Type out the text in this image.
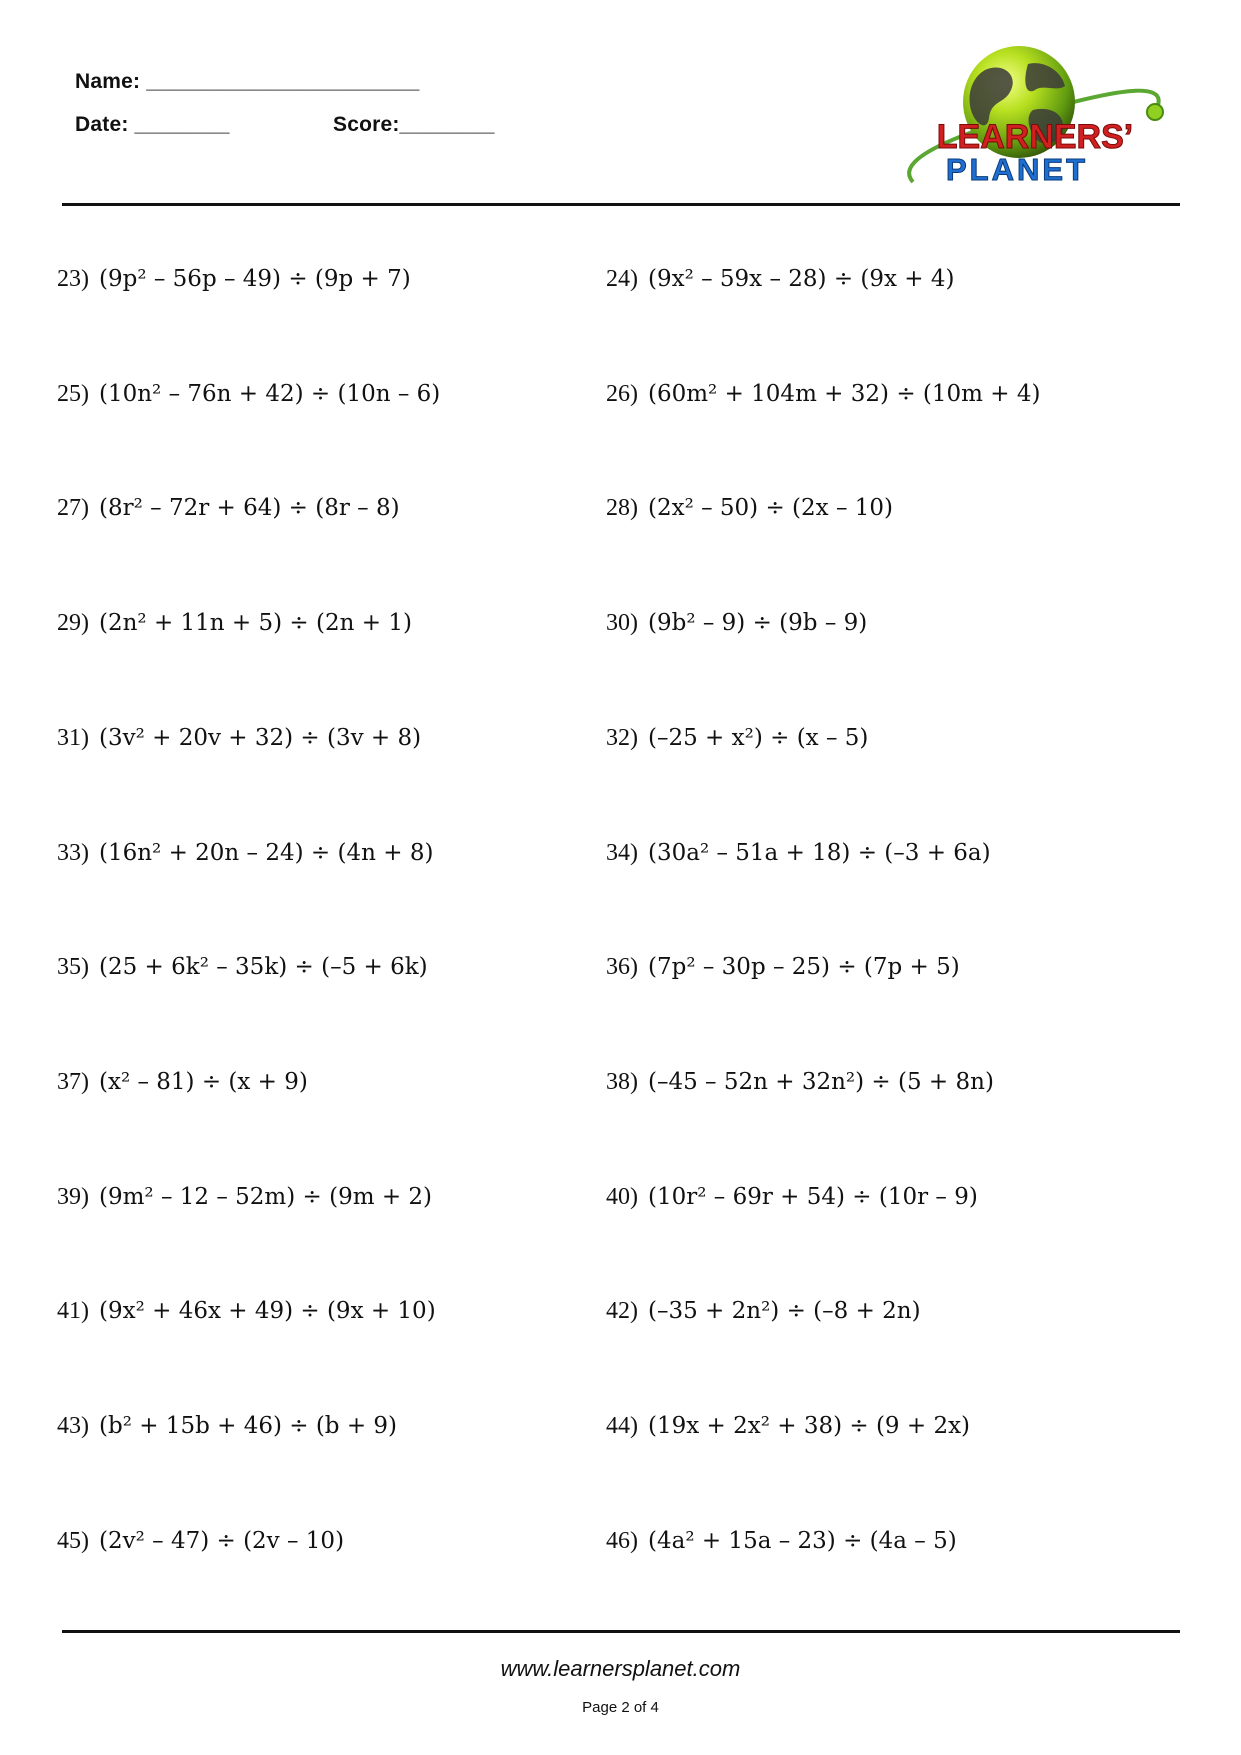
Name: _______________________
Date: ________	Score:________	LEARNERS’
PLANET
23) (9p² – 56p – 49) ÷ (9p + 7)	24) (9x² – 59x – 28) ÷ (9x + 4)
25) (10n² – 76n + 42) ÷ (10n – 6)	26) (60m² + 104m + 32) ÷ (10m + 4)
27) (8r² – 72r + 64) ÷ (8r – 8)	28) (2x² – 50) ÷ (2x – 10)
29) (2n² + 11n + 5) ÷ (2n + 1)	30) (9b² – 9) ÷ (9b – 9)
31) (3v² + 20v + 32) ÷ (3v + 8)	32) (–25 + x²) ÷ (x – 5)
33) (16n² + 20n – 24) ÷ (4n + 8)	34) (30a² – 51a + 18) ÷ (–3 + 6a)
35) (25 + 6k² – 35k) ÷ (–5 + 6k)	36) (7p² – 30p – 25) ÷ (7p + 5)
37) (x² – 81) ÷ (x + 9)	38) (–45 – 52n + 32n²) ÷ (5 + 8n)
39) (9m² – 12 – 52m) ÷ (9m + 2)	40) (10r² – 69r + 54) ÷ (10r – 9)
41) (9x² + 46x + 49) ÷ (9x + 10)	42) (–35 + 2n²) ÷ (–8 + 2n)
43) (b² + 15b + 46) ÷ (b + 9)	44) (19x + 2x² + 38) ÷ (9 + 2x)
45) (2v² – 47) ÷ (2v – 10)	46) (4a² + 15a – 23) ÷ (4a – 5)
www.learnersplanet.com
Page 2 of 4
